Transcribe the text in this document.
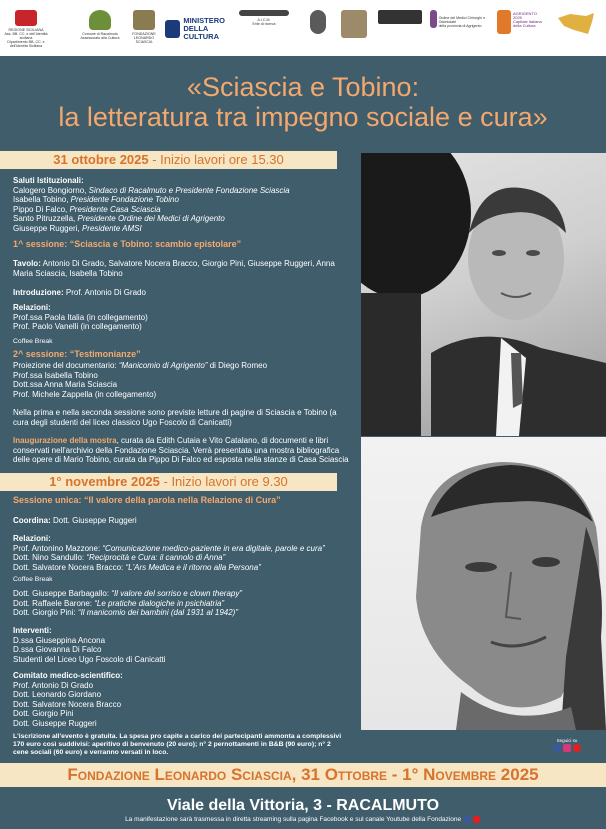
REGIONE SICILIANA
Ass. BB. CC. e dell'Identità siciliana
Dipartimento BB. CC. e dell'Identità Siciliana
Comune di Racalmuto
Assessorato alla Cultura
FONDAZIONE
LEONARDO SCIASCIA
MINISTERO
DELLA
CULTURA
A.I.C.M.
Ente di ricerca
Ordine dei Medici Chirurghi e Odontoiatri
della provincia di Agrigento
AGRIGENTO
2025
Capitale Italiana
della Cultura
«Sciascia e Tobino:
la letteratura tra impegno sociale e cura»
31 ottobre 2025 - Inizio lavori ore 15.30
Saluti Istituzionali:
Calogero Bongiorno, Sindaco di Racalmuto e Presidente Fondazione Sciascia
Isabella Tobino, Presidente Fondazione Tobino
Pippo Di Falco, Presidente Casa Sciascia
Santo Pitruzzella, Presidente Ordine dei Medici di Agrigento
Giuseppe Ruggeri, Presidente AMSI
1^ sessione: “Sciascia e Tobino: scambio epistolare”
Tavolo: Antonio Di Grado, Salvatore Nocera Bracco, Giorgio Pini, Giuseppe Ruggeri, Anna Maria Sciascia, Isabella Tobino
Introduzione: Prof. Antonio Di Grado
Relazioni:
Prof.ssa Paola Italia (in collegamento)
Prof. Paolo Vanelli (in collegamento)
Coffee Break
2^ sessione: “Testimonianze”
Proiezione del documentario: “Manicomio di Agrigento” di Diego Romeo
Prof.ssa Isabella Tobino
Dott.ssa Anna Maria Sciascia
Prof. Michele Zappella (in collegamento)
Nella prima e nella seconda sessione sono previste letture di pagine di Sciascia e Tobino (a cura degli studenti del liceo classico Ugo Foscolo di Canicatti)
Inaugurazione della mostra, curata da Edith Cutaia e Vito Catalano, di documenti e libri conservati nell'archivio della Fondazione Sciascia. Verrà presentata una mostra bibliografica delle opere di Mario Tobino, curata da Pippo Di Falco ed esposta nella stanze di Casa Sciascia
1° novembre 2025 - Inizio lavori ore 9.30
Sessione unica: “Il valore della parola nella Relazione di Cura”
Coordina: Dott. Giuseppe Ruggeri
Relazioni:
Prof. Antonino Mazzone: “Comunicazione medico-paziente in era digitale, parole e cura”
Dott. Nino Sandullo: “Reciprocità e Cura: il cannolo di Anna”
Dott. Salvatore Nocera Bracco: “L'Ars Medica e il ritorno alla Persona”
Coffee Break
Dott. Giuseppe Barbagallo: “Il valore del sorriso e clown therapy”
Dott. Raffaele Barone: “Le pratiche dialogiche in psichiatria”
Dott. Giorgio Pini: “Il manicomio dei bambini (dal 1931 al 1942)”
Interventi:
D.ssa Giuseppina Ancona
D.ssa Giovanna Di Falco
Studenti del Liceo Ugo Foscolo di Canicatti
Comitato medico-scientifico:
Prof. Antonio Di Grado
Dott. Leonardo Giordano
Dott. Salvatore Nocera Bracco
Dott. Giorgio Pini
Dott. Giuseppe Ruggeri
L'iscrizione all'evento è gratuita. La spesa pro capite a carico dei partecipanti ammonta a complessivi 170 euro così suddivisi: aperitivo di benvenuto (20 euro); n° 2 pernottamenti in B&B (90 euro); n° 2 cene sociali (60 euro) e verranno versati in loco.
Seguici su
Fondazione Leonardo Sciascia, 31 Ottobre - 1° Novembre 2025
Viale della Vittoria, 3 - RACALMUTO
La manifestazione sarà trasmessa in diretta streaming sulla pagina Facebook e sul canale Youtube della Fondazione
